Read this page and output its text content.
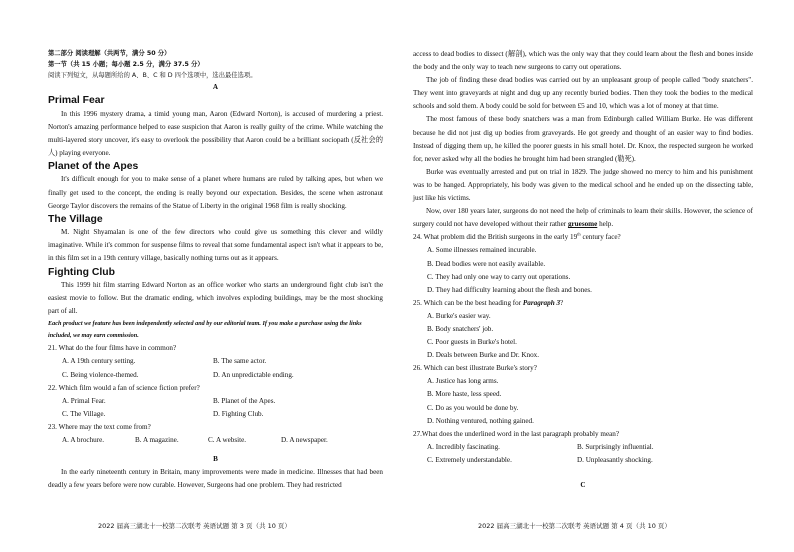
第二部分 阅读理解（共两节，满分 50 分）

第一节（共 15 小题；每小题 2.5 分，满分 37.5 分）

阅读下列短文，从每题所给的 A、B、C 和 D 四个选项中，选出最佳选项。

A

Primal Fear

In this 1996 mystery drama, a timid young man, Aaron (Edward Norton), is accused of murdering a priest. Norton's amazing performance helped to ease suspicion that Aaron is really guilty of the crime. While watching the multi-layered story uncover, it's easy to overlook the possibility that Aaron could be a brilliant sociopath (反社会的人) playing everyone.

Planet of the Apes

It's difficult enough for you to make sense of a planet where humans are ruled by talking apes, but when we finally get used to the concept, the ending is really beyond our expectation. Besides, the scene when astronaut George Taylor discovers the remains of the Statue of Liberty in the original 1968 film is really shocking.

The Village

M. Night Shyamalan is one of the few directors who could give us something this clever and wildly imaginative. While it's common for suspense films to reveal that some fundamental aspect isn't what it appears to be, in this film set in a 19th century village, basically nothing turns out as it appears.

Fighting Club

This 1999 hit film starring Edward Norton as an office worker who starts an underground fight club isn't the easiest movie to follow. But the dramatic ending, which involves exploding buildings, may be the most shocking part of all.

Each product we feature has been independently selected and by our editorial team. If you make a purchase using the links included, we may earn commission.

21. What do the four films have in common?

A. A 19th century setting.	B. The same actor.
C. Being violence-themed.	D. An unpredictable ending.

22. Which film would a fan of science fiction prefer?

A. Primal Fear.	B. Planet of the Apes.
C. The Village.	D. Fighting Club.

23. Where may the text come from?

A. A brochure.	B. A magazine.	C. A website.	D. A newspaper.

B

In the early nineteenth century in Britain, many improvements were made in medicine. Illnesses that had been deadly a few years before were now curable. However, Surgeons had one problem. They had restricted

access to dead bodies to dissect (解剖), which was the only way that they could learn about the flesh and bones inside the body and the only way to teach new surgeons to carry out operations.

The job of finding these dead bodies was carried out by an unpleasant group of people called "body snatchers". They went into graveyards at night and dug up any recently buried bodies. Then they took the bodies to the medical schools and sold them. A body could be sold for between £5 and 10, which was a lot of money at that time.

The most famous of these body snatchers was a man from Edinburgh called William Burke. He was different because he did not just dig up bodies from graveyards. He got greedy and thought of an easier way to find bodies. Instead of digging them up, he killed the poorer guests in his small hotel. Dr. Knox, the respected surgeon he worked for, never asked why all the bodies he brought him had been strangled (勒死).

Burke was eventually arrested and put on trial in 1829. The judge showed no mercy to him and his punishment was to be hanged. Appropriately, his body was given to the medical school and he ended up on the dissecting table, just like his victims.

Now, over 180 years later, surgeons do not need the help of criminals to learn their skills. However, the science of surgery could not have developed without their rather gruesome help.

24. What problem did the British surgeons in the early 19th century face?

A. Some illnesses remained incurable.

B. Dead bodies were not easily available.

C. They had only one way to carry out operations.

D. They had difficulty learning about the flesh and bones.

25. Which can be the best heading for Paragraph 3?

A. Burke's easier way.

B. Body snatchers' job.

C. Poor guests in Burke's hotel.

D. Deals between Burke and Dr. Knox.

26. Which can best illustrate Burke's story?

A. Justice has long arms.

B. More haste, less speed.

C. Do as you would be done by.

D. Nothing ventured, nothing gained.

27.What does the underlined word in the last paragraph probably mean?

A. Incredibly fascinating.	B. Surprisingly influential.
C. Extremely understandable.	D. Unpleasantly shocking.

C

2022 届高三湖北十一校第二次联考 英语试题 第 3 页（共 10 页）	2022 届高三湖北十一校第二次联考 英语试题 第 4 页（共 10 页）
